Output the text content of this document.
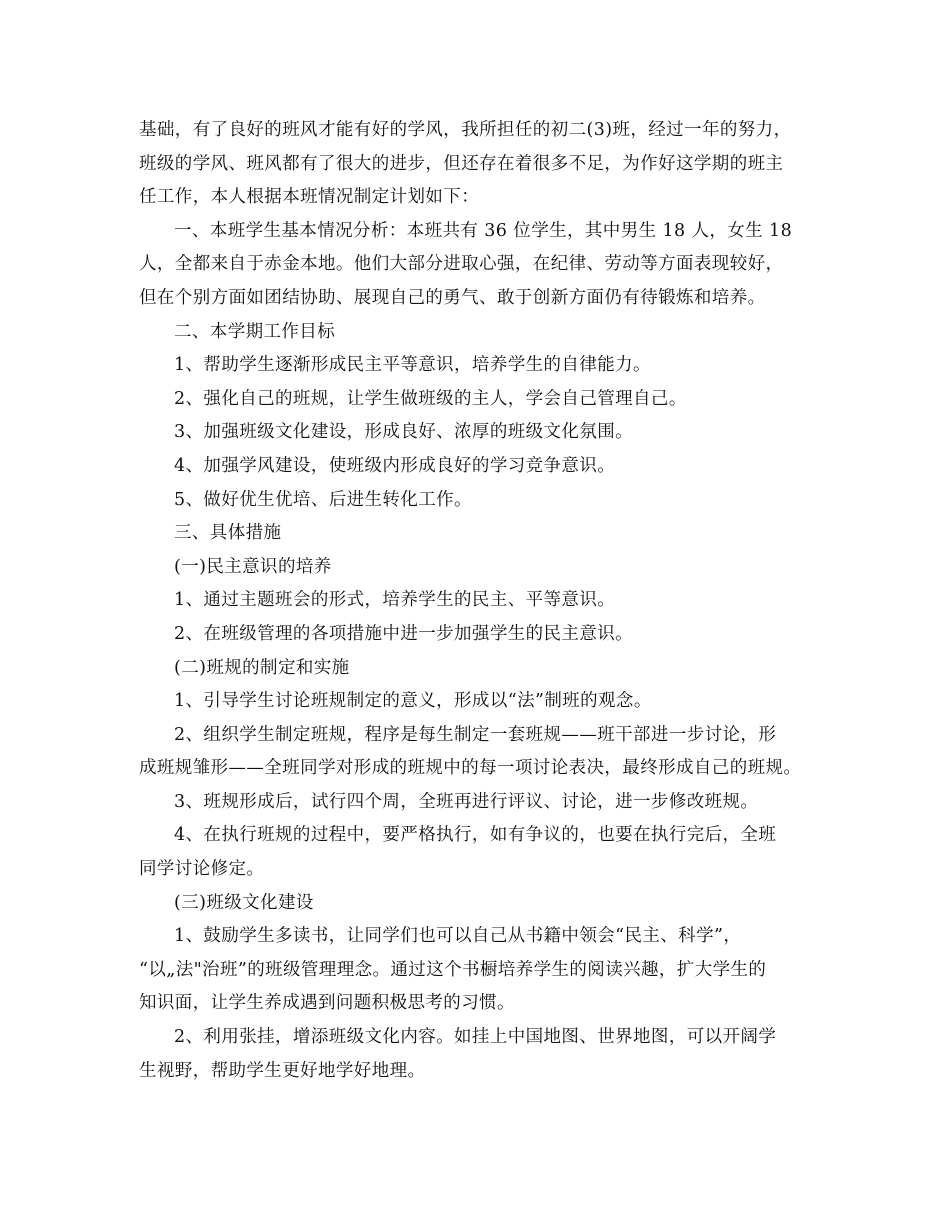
基础，有了良好的班风才能有好的学风，我所担任的初二(3)班，经过一年的努力，

班级的学风、班风都有了很大的进步，但还存在着很多不足，为作好这学期的班主

任工作，本人根据本班情况制定计划如下：

一、本班学生基本情况分析：本班共有 36 位学生，其中男生 18 人，女生 18

人，全都来自于赤金本地。他们大部分进取心强，在纪律、劳动等方面表现较好，

但在个别方面如团结协助、展现自己的勇气、敢于创新方面仍有待锻炼和培养。

二、本学期工作目标

1、帮助学生逐渐形成民主平等意识，培养学生的自律能力。

2、强化自己的班规，让学生做班级的主人，学会自己管理自己。

3、加强班级文化建设，形成良好、浓厚的班级文化氛围。

4、加强学风建设，使班级内形成良好的学习竞争意识。

5、做好优生优培、后进生转化工作。

三、具体措施

(一)民主意识的培养

1、通过主题班会的形式，培养学生的民主、平等意识。

2、在班级管理的各项措施中进一步加强学生的民主意识。

(二)班规的制定和实施

1、引导学生讨论班规制定的意义，形成以“法”制班的观念。

2、组织学生制定班规，程序是每生制定一套班规——班干部进一步讨论，形

成班规雏形——全班同学对形成的班规中的每一项讨论表决，最终形成自己的班规。

3、班规形成后，试行四个周，全班再进行评议、讨论，进一步修改班规。

4、在执行班规的过程中，要严格执行，如有争议的，也要在执行完后，全班

同学讨论修定。

(三)班级文化建设

1、鼓励学生多读书，让同学们也可以自己从书籍中领会“民主、科学”，

“以„法"治班”的班级管理理念。通过这个书橱培养学生的阅读兴趣，扩大学生的

知识面，让学生养成遇到问题积极思考的习惯。

2、利用张挂，增添班级文化内容。如挂上中国地图、世界地图，可以开阔学

生视野，帮助学生更好地学好地理。
